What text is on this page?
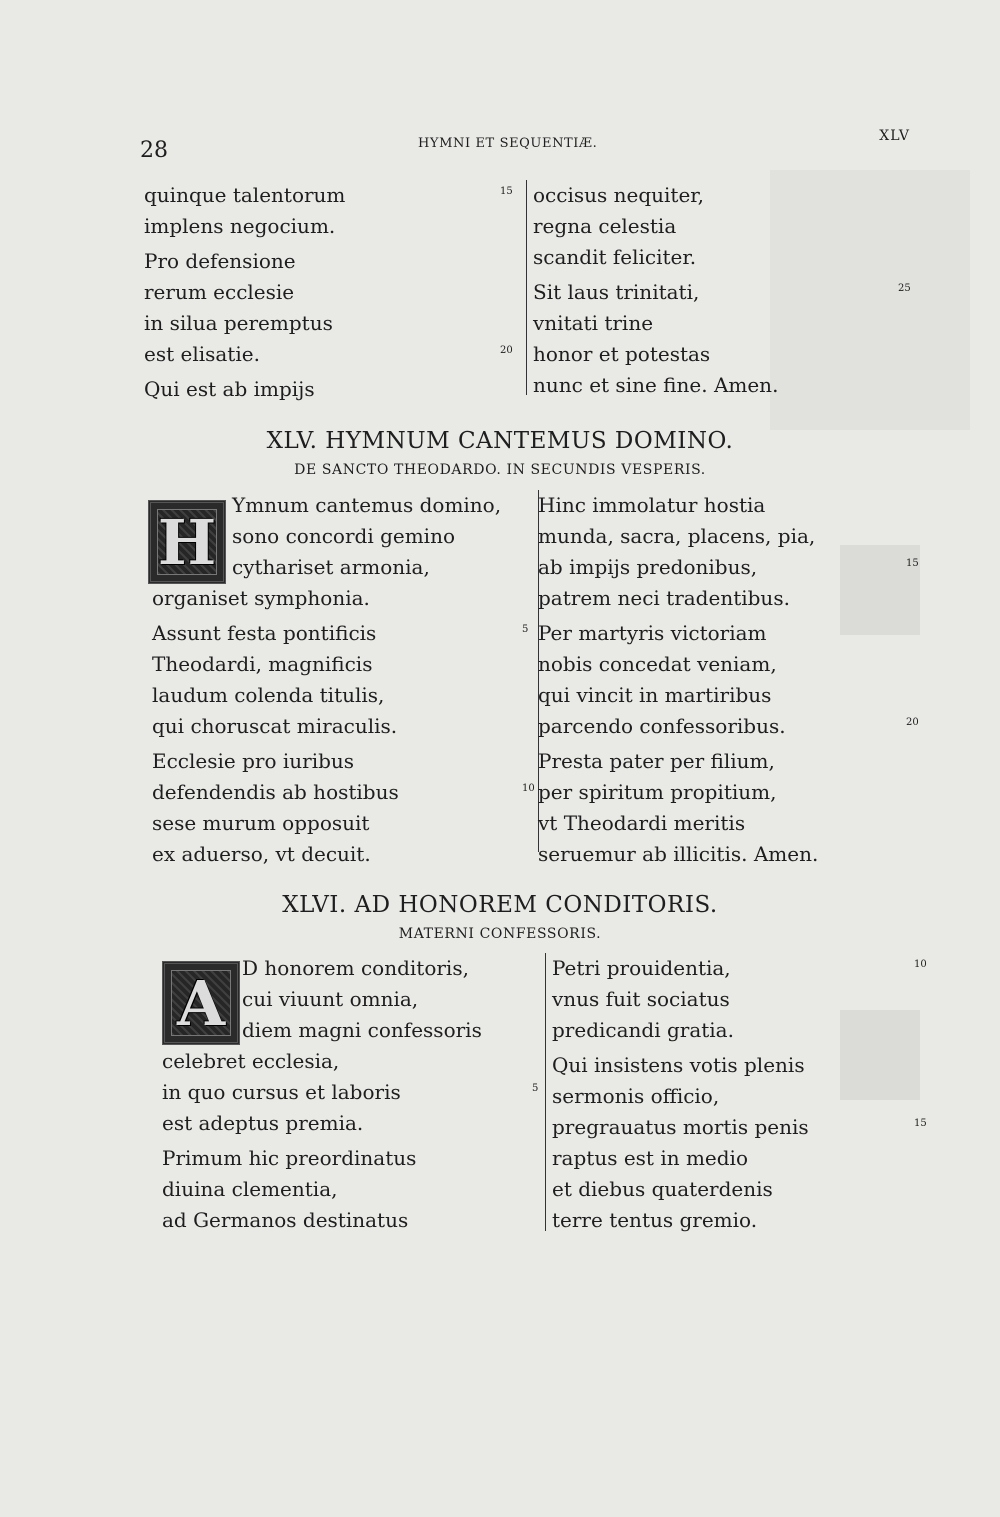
28	HYMNI ET SEQUENTIÆ.	XLV
quinque talentorum	15
implens negocium.
Pro defensione
rerum ecclesie
in silua peremptus
est elisatie.	20
Qui est ab impijs
occisus nequiter,
regna celestia
scandit feliciter.
Sit laus trinitati,	25
vnitati trine
honor et potestas
nunc et sine fine. Amen.
XLV. HYMNUM CANTEMUS DOMINO.
DE SANCTO THEODARDO. IN SECUNDIS VESPERIS.
H
Ymnum cantemus domino,
sono concordi gemino
cythariset armonia,
organiset symphonia.
Assunt festa pontificis	5
Theodardi, magnificis
laudum colenda titulis,
qui choruscat miraculis.
Ecclesie pro iuribus
defendendis ab hostibus	10
sese murum opposuit
ex aduerso, vt decuit.
Hinc immolatur hostia
munda, sacra, placens, pia,
ab impijs predonibus,	15
patrem neci tradentibus.
Per martyris victoriam
nobis concedat veniam,
qui vincit in martiribus
parcendo confessoribus.	20
Presta pater per filium,
per spiritum propitium,
vt Theodardi meritis
seruemur ab illicitis. Amen.
XLVI. AD HONOREM CONDITORIS.
MATERNI CONFESSORIS.
A D honorem conditoris,
cui viuunt omnia,
diem magni confessoris
celebret ecclesia,
in quo cursus et laboris	5
est adeptus premia.
Primum hic preordinatus
diuina clementia,
ad Germanos destinatus
Petri prouidentia,	10
vnus fuit sociatus
predicandi gratia.
Qui insistens votis plenis
sermonis officio,
pregrauatus mortis penis	15
raptus est in medio
et diebus quaterdenis
terre tentus gremio.
